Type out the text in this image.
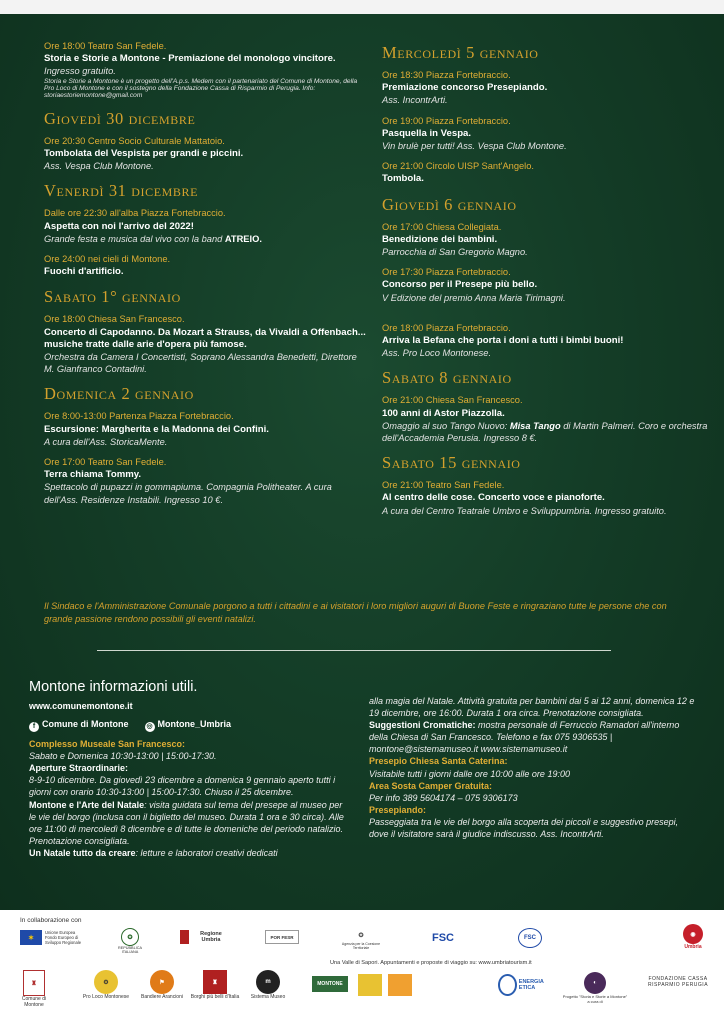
Ore 18:00 Teatro San Fedele.
Storia e Storie a Montone - Premiazione del monologo vincitore.
Ingresso gratuito.
Storia e Storie a Montone è un progetto dell'A.p.s. Medem con il partenariato del Comune di Montone, della Pro Loco di Montone e con il sostegno della Fondazione Cassa di Risparmio di Perugia. Info: storiaestoriemontone@gmail.com
Giovedì 30 dicembre
Ore 20:30 Centro Socio Culturale Mattatoio.
Tombolata del Vespista per grandi e piccini.
Ass. Vespa Club Montone.
Venerdì 31 dicembre
Dalle ore 22:30 all'alba Piazza Fortebraccio.
Aspetta con noi l'arrivo del 2022!
Grande festa e musica dal vivo con la band ATREIO.
Ore 24:00 nei cieli di Montone.
Fuochi d'artificio.
Sabato 1° gennaio
Ore 18:00 Chiesa San Francesco.
Concerto di Capodanno. Da Mozart a Strauss, da Vivaldi a Offenbach... musiche tratte dalle arie d'opera più famose.
Orchestra da Camera I Concertisti, Soprano Alessandra Benedetti, Direttore M. Gianfranco Contadini.
Domenica 2 gennaio
Ore 8:00-13:00 Partenza Piazza Fortebraccio.
Escursione: Margherita e la Madonna dei Confini.
A cura dell'Ass. StoricaMente.
Ore 17:00 Teatro San Fedele.
Terra chiama Tommy.
Spettacolo di pupazzi in gommapiuma. Compagnia Politheater. A cura dell'Ass. Residenze Instabili. Ingresso 10 €.
Mercoledì 5 gennaio
Ore 18:30 Piazza Fortebraccio.
Premiazione concorso Presepiando.
Ass. IncontrArti.
Ore 19:00 Piazza Fortebraccio.
Pasquella in Vespa.
Vin brulè per tutti! Ass. Vespa Club Montone.
Ore 21:00 Circolo UISP Sant'Angelo.
Tombola.
Giovedì 6 gennaio
Ore 17:00 Chiesa Collegiata.
Benedizione dei bambini.
Parrocchia di San Gregorio Magno.
Ore 17:30 Piazza Fortebraccio.
Concorso per il Presepe più bello.
V Edizione del premio Anna Maria Tirimagni.
Ore 18:00 Piazza Fortebraccio.
Arriva la Befana che porta i doni a tutti i bimbi buoni!
Ass. Pro Loco Montonese.
Sabato 8 gennaio
Ore 21:00 Chiesa San Francesco.
100 anni di Astor Piazzolla.
Omaggio al suo Tango Nuovo: Misa Tango di Martin Palmeri. Coro e orchestra dell'Accademia Perusia. Ingresso 8 €.
Sabato 15 gennaio
Ore 21:00 Teatro San Fedele.
Al centro delle cose. Concerto voce e pianoforte.
A cura del Centro Teatrale Umbro e Sviluppumbria. Ingresso gratuito.
Il Sindaco e l'Amministrazione Comunale porgono a tutti i cittadini e ai visitatori i loro migliori auguri di Buone Feste e ringraziano tutte le persone che con grande passione rendono possibili gli eventi natalizi.
Montone informazioni utili.
www.comunemontone.it
f Comune di Montone	◎ Montone_Umbria
Complesso Museale San Francesco:
Sabato e Domenica 10:30-13:00 | 15:00-17:30.
Aperture Straordinarie:
8-9-10 dicembre. Da giovedì 23 dicembre a domenica 9 gennaio aperto tutti i giorni con orario 10:30-13:00 | 15:00-17:30. Chiuso il 25 dicembre.
Montone e l'Arte del Natale: visita guidata sul tema del presepe al museo per le vie del borgo (inclusa con il biglietto del museo. Durata 1 ora e 30 circa). Alle ore 11:00 di mercoledì 8 dicembre e di tutte le domeniche del periodo natalizio. Prenotazione consigliata.
Un Natale tutto da creare: letture e laboratori creativi dedicati
alla magia del Natale. Attività gratuita per bambini dai 5 ai 12 anni, domenica 12 e 19 dicembre, ore 16:00. Durata 1 ora circa. Prenotazione consigliata.
Suggestioni Cromatiche: mostra personale di Ferruccio Ramadori all'interno della Chiesa di San Francesco. Telefono e fax 075 9306535 | montone@sistemamuseo.it www.sistemamuseo.it
Presepio Chiesa Santa Caterina:
Visitabile tutti i giorni dalle ore 10:00 alle ore 19:00
Area Sosta Camper Gratuita:
Per info 389 5604174 – 075 9306173
Presepiando:
Passeggiata tra le vie del borgo alla scoperta dei piccoli e suggestivo presepi, dove il visitatore sarà il giudice indiscusso. Ass. IncontrArti.
In collaborazione con
✶
Unione Europea Fondo Europeo di Sviluppo Regionale
✪
REPUBBLICA ITALIANA
Regione Umbria	POR FESR	✪
Agenzia per la Coesione Territoriale
FSC	FSC
◉
Umbria
Una Valle di Sapori. Appuntamenti e proposte di viaggio su: www.umbriatourism.it
♜
Comune di Montone
⚙
Pro Loco Montonese
⚑
Bandiere Arancioni
♜
Borghi più belli d'Italia
m
Sistema Museo
MONTONE	ENERGIA ETICA
◐
Progetto "Storia e Storie a Montone" a cura di
FONDAZIONE CASSA RISPARMIO PERUGIA
